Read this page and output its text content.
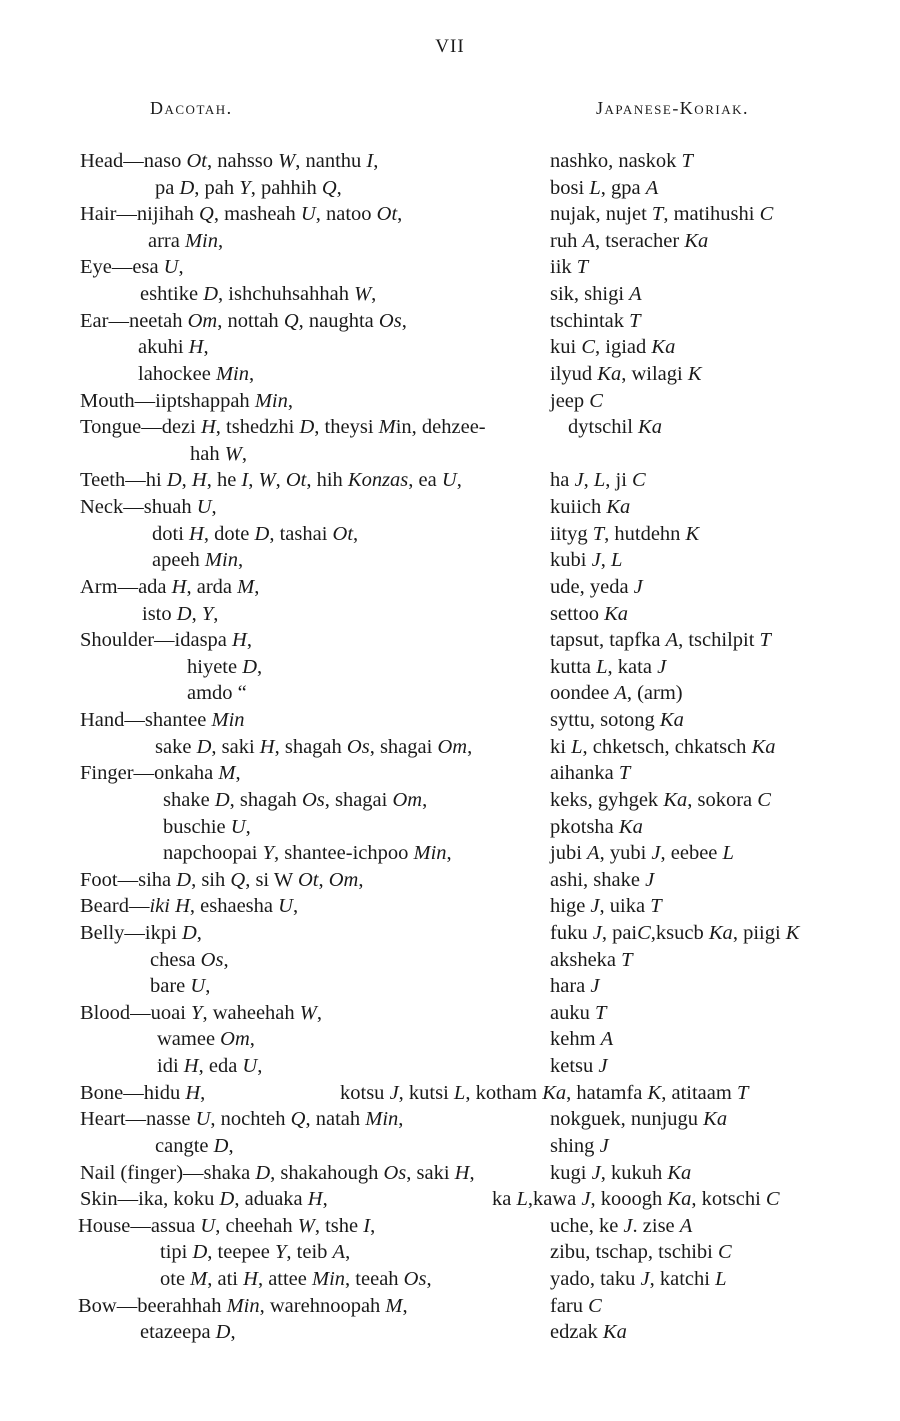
VII
Dacotah.	Japanese-Koriak.
Head—naso Ot, nahsso W, nanthu I,
pa D, pah Y, pahhih Q,
Hair—nijihah Q, masheah U, natoo Ot,
arra Min,
Eye—esa U,
eshtike D, ishchuhsahhah W,
Ear—neetah Om, nottah Q, naughta Os,
akuhi H,
lahockee Min,
Mouth—iiptshappah Min,
Tongue—dezi H, tshedzhi D, theysi Min, dehzee-
hah W,
Teeth—hi D, H, he I, W, Ot, hih Konzas, ea U,
Neck—shuah U,
doti H, dote D, tashai Ot,
apeeh Min,
Arm—ada H, arda M,
isto D, Y,
Shoulder—idaspa H,
hiyete D,
amdo “
Hand—shantee Min
sake D, saki H, shagah Os, shagai Om,
Finger—onkaha M,
shake D, shagah Os, shagai Om,
buschie U,
napchoopai Y, shantee-ichpoo Min,
Foot—siha D, sih Q, si W Ot, Om,
Beard—iki H, eshaesha U,
Belly—ikpi D,
chesa Os,
bare U,
Blood—uoai Y, waheehah W,
wamee Om,
idi H, eda U,
Bone—hidu H,
Heart—nasse U, nochteh Q, natah Min,
cangte D,
Nail (finger)—shaka D, shakahough Os, saki H,
Skin—ika, koku D, aduaka H,
House—assua U, cheehah W, tshe I,
tipi D, teepee Y, teib A,
ote M, ati H, attee Min, teeah Os,
Bow—beerahhah Min, warehnoopah M,
etazeepa D,
nashko, naskok T
bosi L, gpa A
nujak, nujet T, matihushi C
ruh A, tseracher Ka
iik T
sik, shigi A
tschintak T
kui C, igiad Ka
ilyud Ka, wilagi K
jeep C
dytschil Ka
ha J, L, ji C
kuiich Ka
iityg T, hutdehn K
kubi J, L
ude, yeda J
settoo Ka
tapsut, tapfka A, tschilpit T
kutta L, kata J
oondee A, (arm)
syttu, sotong Ka
ki L, chketsch, chkatsch Ka
aihanka T
keks, gyhgek Ka, sokora C
pkotsha Ka
jubi A, yubi J, eebee L
ashi, shake J
hige J, uika T
fuku J, paiC,ksucb Ka, piigi K
aksheka T
hara J
auku T
kehm A
ketsu J
nokguek, nunjugu Ka
shing J
kugi J, kukuh Ka
uche, ke J. zise A
zibu, tschap, tschibi C
yado, taku J, katchi L
faru C
edzak Ka
kotsu J, kutsi L, kotham Ka, hatamfa K, atitaam T
ka L,kawa J, kooogh Ka, kotschi C
